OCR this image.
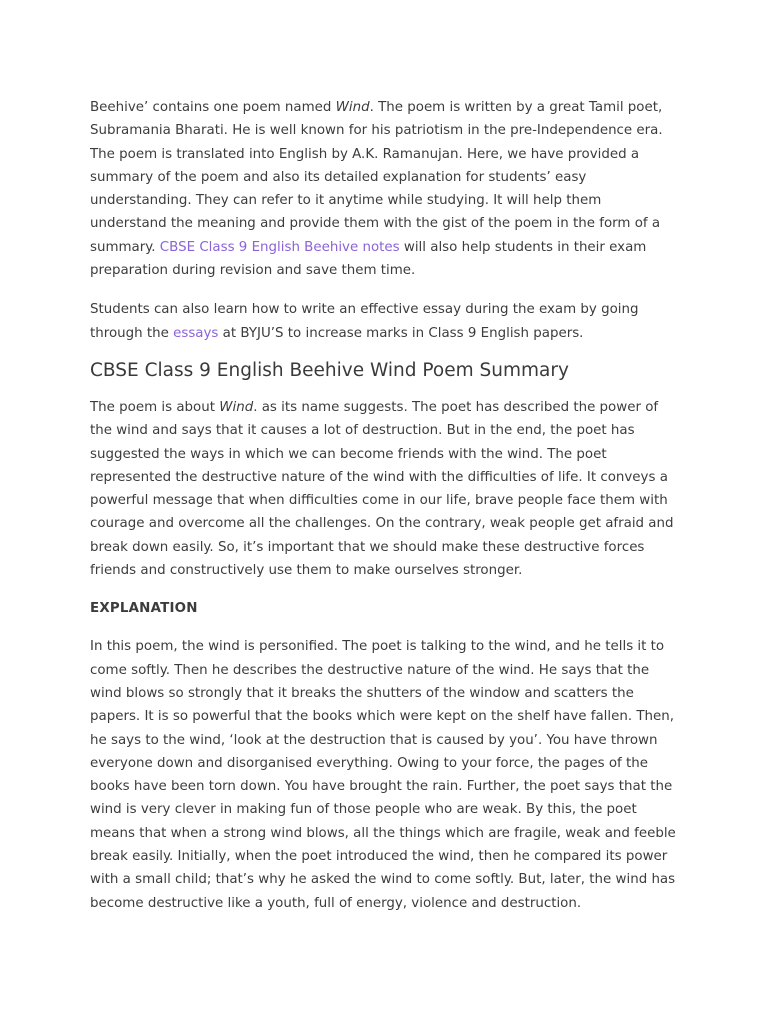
Beehive’ contains one poem named Wind. The poem is written by a great Tamil poet, Subramania Bharati. He is well known for his patriotism in the pre-Independence era. The poem is translated into English by A.K. Ramanujan. Here, we have provided a summary of the poem and also its detailed explanation for students’ easy understanding. They can refer to it anytime while studying. It will help them understand the meaning and provide them with the gist of the poem in the form of a summary. CBSE Class 9 English Beehive notes will also help students in their exam preparation during revision and save them time.

Students can also learn how to write an effective essay during the exam by going through the essays at BYJU’S to increase marks in Class 9 English papers.

CBSE Class 9 English Beehive Wind Poem Summary

The poem is about Wind. as its name suggests. The poet has described the power of the wind and says that it causes a lot of destruction. But in the end, the poet has suggested the ways in which we can become friends with the wind. The poet represented the destructive nature of the wind with the difficulties of life. It conveys a powerful message that when difficulties come in our life, brave people face them with courage and overcome all the challenges. On the contrary, weak people get afraid and break down easily. So, it’s important that we should make these destructive forces friends and constructively use them to make ourselves stronger.

EXPLANATION

In this poem, the wind is personified. The poet is talking to the wind, and he tells it to come softly. Then he describes the destructive nature of the wind. He says that the wind blows so strongly that it breaks the shutters of the window and scatters the papers. It is so powerful that the books which were kept on the shelf have fallen. Then, he says to the wind, ‘look at the destruction that is caused by you’. You have thrown everyone down and disorganised everything. Owing to your force, the pages of the books have been torn down. You have brought the rain. Further, the poet says that the wind is very clever in making fun of those people who are weak. By this, the poet means that when a strong wind blows, all the things which are fragile, weak and feeble break easily. Initially, when the poet introduced the wind, then he compared its power with a small child; that’s why he asked the wind to come softly. But, later, the wind has become destructive like a youth, full of energy, violence and destruction.
